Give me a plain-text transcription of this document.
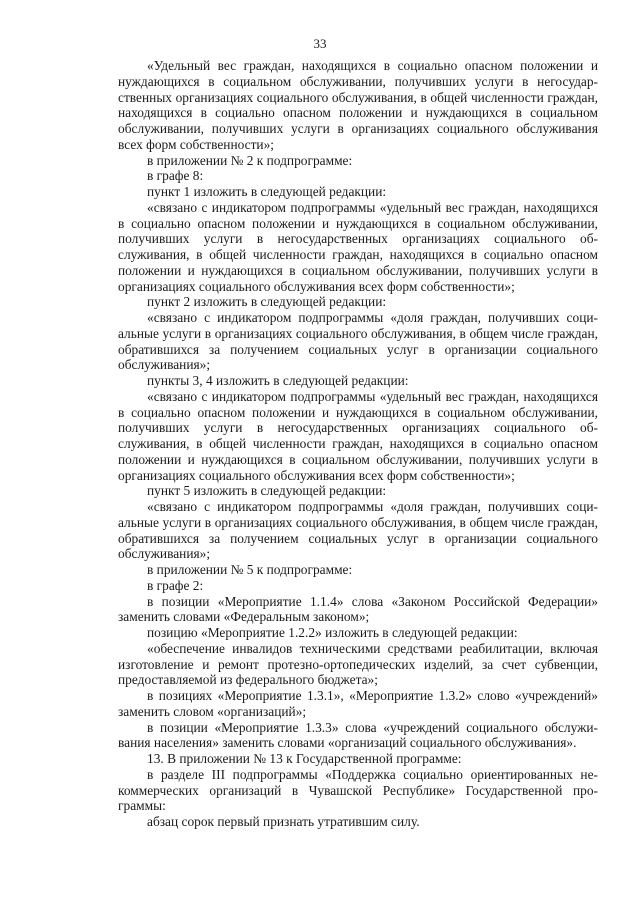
33

«Удельный вес граждан, находящихся в социально опасном положении и нуждающихся в социальном обслуживании, получивших услуги в негосударственных организациях социального обслуживания, в общей численности граждан, находящихся в социально опасном положении и нуждающихся в социальном обслуживании, получивших услуги в организациях социального обслуживания всех форм собственности»;

в приложении № 2 к подпрограмме:

в графе 8:

пункт 1 изложить в следующей редакции:

«связано с индикатором подпрограммы «удельный вес граждан, находящихся в социально опасном положении и нуждающихся в социальном обслуживании, получивших услуги в негосударственных организациях социального обслуживания, в общей численности граждан, находящихся в социально опасном положении и нуждающихся в социальном обслуживании, получивших услуги в организациях социального обслуживания всех форм собственности»;

пункт 2 изложить в следующей редакции:

«связано с индикатором подпрограммы «доля граждан, получивших социальные услуги в организациях социального обслуживания, в общем числе граждан, обратившихся за получением социальных услуг в организации социального обслуживания»;

пункты 3, 4 изложить в следующей редакции:

«связано с индикатором подпрограммы «удельный вес граждан, находящихся в социально опасном положении и нуждающихся в социальном обслуживании, получивших услуги в негосударственных организациях социального обслуживания, в общей численности граждан, находящихся в социально опасном положении и нуждающихся в социальном обслуживании, получивших услуги в организациях социального обслуживания всех форм собственности»;

пункт 5 изложить в следующей редакции:

«связано с индикатором подпрограммы «доля граждан, получивших социальные услуги в организациях социального обслуживания, в общем числе граждан, обратившихся за получением социальных услуг в организации социального обслуживания»;

в приложении № 5 к подпрограмме:

в графе 2:

в позиции «Мероприятие 1.1.4» слова «Законом Российской Федерации» заменить словами «Федеральным законом»;

позицию «Мероприятие 1.2.2» изложить в следующей редакции:

«обеспечение инвалидов техническими средствами реабилитации, включая изготовление и ремонт протезно-ортопедических изделий, за счет субвенции, предоставляемой из федерального бюджета»;

в позициях «Мероприятие 1.3.1», «Мероприятие 1.3.2» слово «учреждений» заменить словом «организаций»;

в позиции «Мероприятие 1.3.3» слова «учреждений социального обслуживания населения» заменить словами «организаций социального обслуживания».

13. В приложении № 13 к Государственной программе:

в разделе III подпрограммы «Поддержка социально ориентированных некоммерческих организаций в Чувашской Республике» Государственной программы:

абзац сорок первый признать утратившим силу.
